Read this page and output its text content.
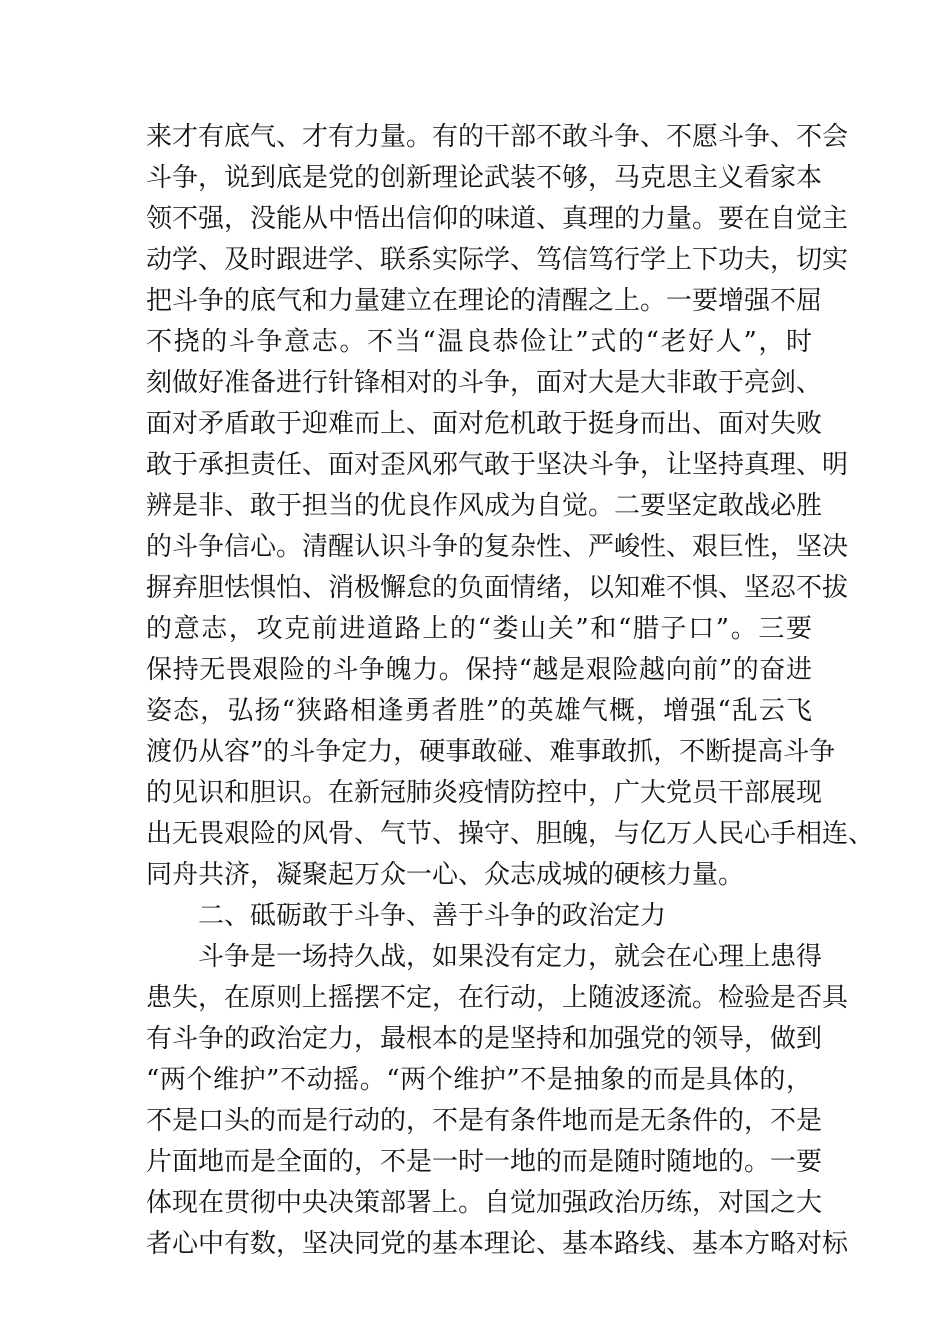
来才有底气、才有力量。有的干部不敢斗争、不愿斗争、不会
斗争，说到底是党的创新理论武装不够，马克思主义看家本
领不强，没能从中悟出信仰的味道、真理的力量。要在自觉主
动学、及时跟进学、联系实际学、笃信笃行学上下功夫，切实
把斗争的底气和力量建立在理论的清醒之上。一要增强不屈
不挠的斗争意志。不当“温良恭俭让”式的“老好人”，时
刻做好准备进行针锋相对的斗争，面对大是大非敢于亮剑、
面对矛盾敢于迎难而上、面对危机敢于挺身而出、面对失败
敢于承担责任、面对歪风邪气敢于坚决斗争，让坚持真理、明
辨是非、敢于担当的优良作风成为自觉。二要坚定敢战必胜
的斗争信心。清醒认识斗争的复杂性、严峻性、艰巨性，坚决
摒弃胆怯惧怕、消极懈怠的负面情绪，以知难不惧、坚忍不拔
的意志，攻克前进道路上的“娄山关”和“腊子口”。三要
保持无畏艰险的斗争魄力。保持“越是艰险越向前”的奋进
姿态，弘扬“狭路相逢勇者胜”的英雄气概，增强“乱云飞
渡仍从容”的斗争定力，硬事敢碰、难事敢抓，不断提高斗争
的见识和胆识。在新冠肺炎疫情防控中，广大党员干部展现
出无畏艰险的风骨、气节、操守、胆魄，与亿万人民心手相连、
同舟共济，凝聚起万众一心、众志成城的硬核力量。
二、砥砺敢于斗争、善于斗争的政治定力
斗争是一场持久战，如果没有定力，就会在心理上患得
患失，在原则上摇摆不定，在行动，上随波逐流。检验是否具
有斗争的政治定力，最根本的是坚持和加强党的领导，做到
“两个维护”不动摇。“两个维护”不是抽象的而是具体的，
不是口头的而是行动的，不是有条件地而是无条件的，不是
片面地而是全面的，不是一时一地的而是随时随地的。一要
体现在贯彻中央决策部署上。自觉加强政治历练，对国之大
者心中有数，坚决同党的基本理论、基本路线、基本方略对标
